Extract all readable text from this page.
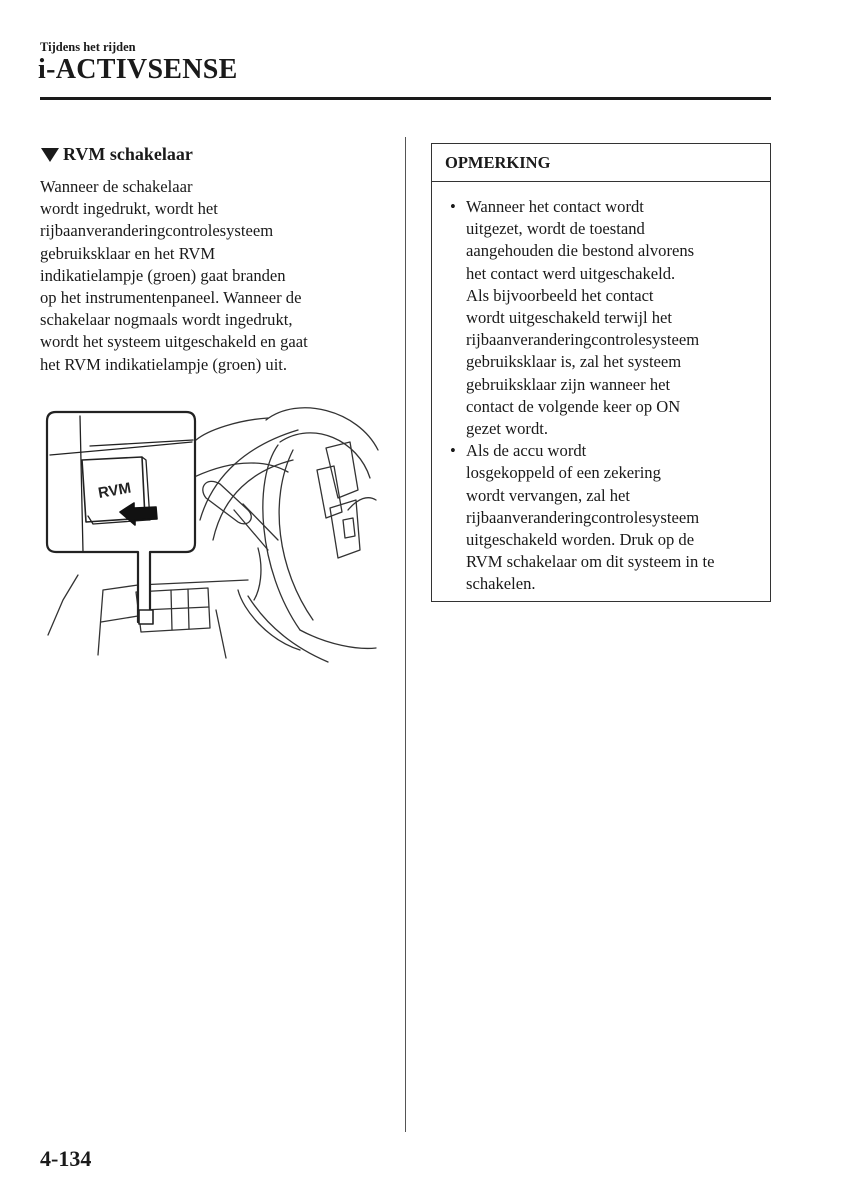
Tijdens het rijden
i-ACTIVSENSE
RVM schakelaar
Wanneer de schakelaar
wordt ingedrukt, wordt het
rijbaanveranderingcontrolesysteem
gebruiksklaar en het RVM
indikatielampje (groen) gaat branden
op het instrumentenpaneel. Wanneer de
schakelaar nogmaals wordt ingedrukt,
wordt het systeem uitgeschakeld en gaat
het RVM indikatielampje (groen) uit.
RVM
OPMERKING
• Wanneer het contact wordt
uitgezet, wordt de toestand
aangehouden die bestond alvorens
het contact werd uitgeschakeld.
Als bijvoorbeeld het contact
wordt uitgeschakeld terwijl het
rijbaanveranderingcontrolesysteem
gebruiksklaar is, zal het systeem
gebruiksklaar zijn wanneer het
contact de volgende keer op ON
gezet wordt.
• Als de accu wordt
losgekoppeld of een zekering
wordt vervangen, zal het
rijbaanveranderingcontrolesysteem
uitgeschakeld worden. Druk op de
RVM schakelaar om dit systeem in te
schakelen.
4-134
